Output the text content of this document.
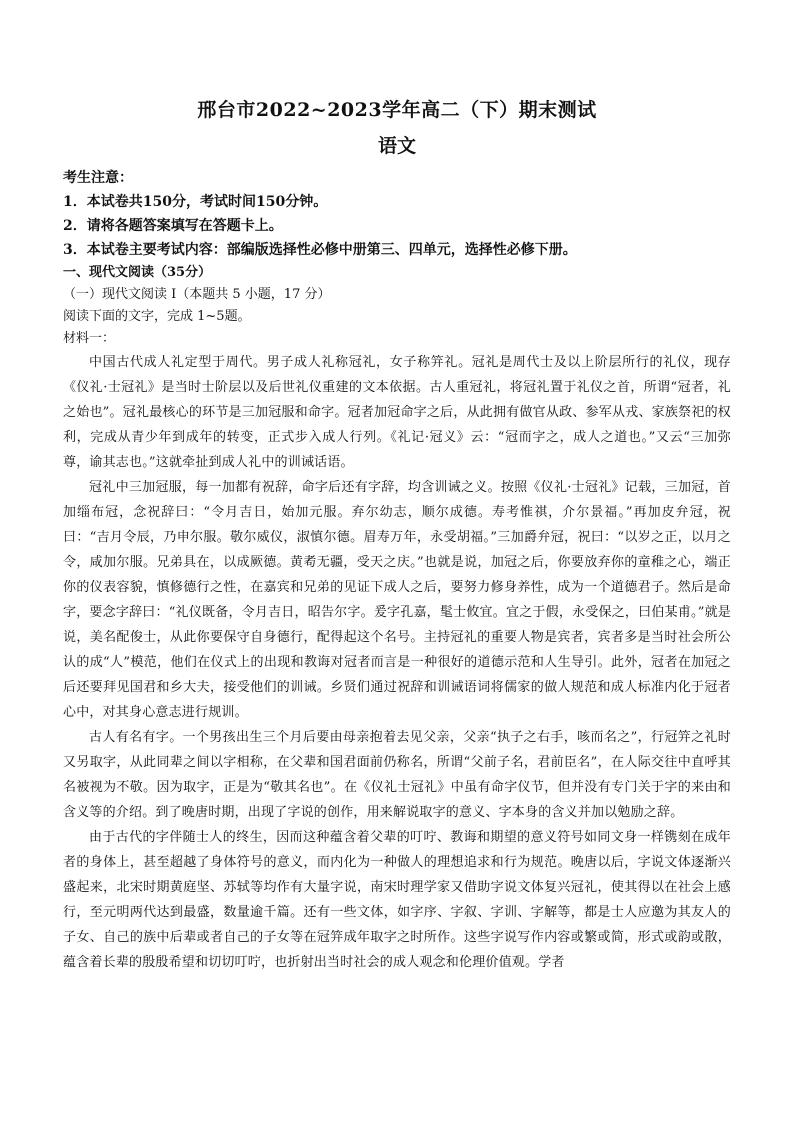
邢台市2022~2023学年高二（下）期末测试
语文

考生注意：

1．本试卷共150分，考试时间150分钟。

2．请将各题答案填写在答题卡上。

3．本试卷主要考试内容：部编版选择性必修中册第三、四单元，选择性必修下册。

一、现代文阅读（35分）

（一）现代文阅读 I（本题共 5 小题，17 分）

阅读下面的文字，完成 1~5题。

材料一：

中国古代成人礼定型于周代。男子成人礼称冠礼，女子称笄礼。冠礼是周代士及以上阶层所行的礼仪，现存《仪礼·士冠礼》是当时士阶层以及后世礼仪重建的文本依据。古人重冠礼，将冠礼置于礼仪之首，所谓“冠者，礼之始也”。冠礼最核心的环节是三加冠服和命字。冠者加冠命字之后，从此拥有做官从政、参军从戎、家族祭祀的权利，完成从青少年到成年的转变，正式步入成人行列。《礼记·冠义》云：“冠而字之，成人之道也。”又云“三加弥尊，谕其志也。”这就牵扯到成人礼中的训诫话语。

冠礼中三加冠服，每一加都有祝辞，命字后还有字辞，均含训诫之义。按照《仪礼·士冠礼》记载，三加冠，首加缁布冠，念祝辞曰：“令月吉日，始加元服。弃尔幼志，顺尔成德。寿考惟祺，介尔景福。”再加皮弁冠，祝曰：“吉月令辰，乃申尔服。敬尔威仪，淑慎尔德。眉寿万年，永受胡福。”三加爵弁冠，祝曰：“以岁之正，以月之令，咸加尔服。兄弟具在，以成厥德。黄耇无疆，受天之庆。”也就是说，加冠之后，你要放弃你的童稚之心，端正你的仪表容貌，慎修德行之性，在嘉宾和兄弟的见证下成人之后，要努力修身养性，成为一个道德君子。然后是命字，要念字辞曰：“礼仪既备，令月吉日，昭告尔字。爰字孔嘉，髦士攸宜。宜之于假，永受保之，曰伯某甫。”就是说，美名配俊士，从此你要保守自身德行，配得起这个名号。主持冠礼的重要人物是宾者，宾者多是当时社会所公认的成“人”模范，他们在仪式上的出现和教诲对冠者而言是一种很好的道德示范和人生导引。此外，冠者在加冠之后还要拜见国君和乡大夫，接受他们的训诫。乡贤们通过祝辞和训诫语词将儒家的做人规范和成人标准内化于冠者心中，对其身心意志进行规训。

古人有名有字。一个男孩出生三个月后要由母亲抱着去见父亲，父亲“执子之右手，咳而名之”，行冠笄之礼时又另取字，从此同辈之间以字相称，在父辈和国君面前仍称名，所谓“父前子名，君前臣名”，在人际交往中直呼其名被视为不敬。因为取字，正是为“敬其名也”。在《仪礼士冠礼》中虽有命字仪节，但并没有专门关于字的来由和含义等的介绍。到了晚唐时期，出现了字说的创作，用来解说取字的意义、字本身的含义并加以勉励之辞。

由于古代的字伴随士人的终生，因而这种蕴含着父辈的叮咛、教诲和期望的意义符号如同文身一样镌刻在成年者的身体上，甚至超越了身体符号的意义，而内化为一种做人的理想追求和行为规范。晚唐以后，字说文体逐渐兴盛起来，北宋时期黄庭坚、苏轼等均作有大量字说，南宋时理学家又借助字说文体复兴冠礼，使其得以在社会上感行，至元明两代达到最盛，数量逾千篇。还有一些文体，如字序、字叙、字训、字解等，都是士人应邀为其友人的子女、自己的族中后辈或者自己的子女等在冠笄成年取字之时所作。这些字说写作内容或繁或简，形式或韵或散，蕴含着长辈的殷殷希望和切切叮咛，也折射出当时社会的成人观念和伦理价值观。学者
